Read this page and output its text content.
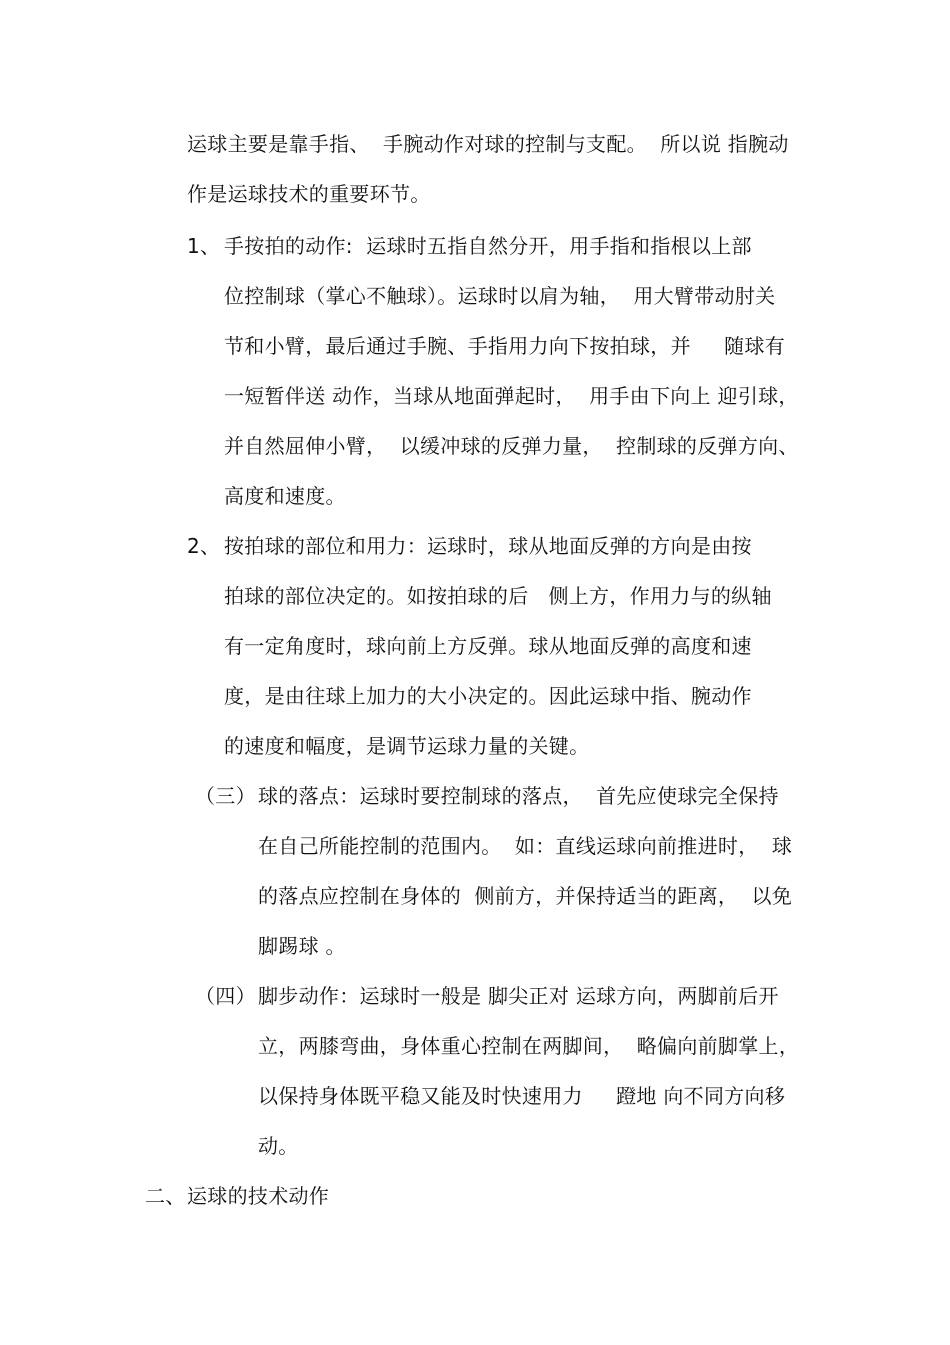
运球主要是靠手指、  手腕动作对球的控制与支配。  所以说 指腕动
作是运球技术的重要环节。
1、 手按拍的动作:  运球时五指自然分开，用手指和指根以上部
位控制球（掌心不触球）。运球时以肩为轴，  用大臂带动肘关
节和小臂，最后通过手腕、手指用力向下按拍球，并     随球有
一短暂伴送 动作，当球从地面弹起时，  用手由下向上 迎引球，
并自然屈伸小臂，  以缓冲球的反弹力量，  控制球的反弹方向、
高度和速度。
2、 按拍球的部位和用力：运球时，球从地面反弹的方向是由按
拍球的部位决定的。如按拍球的后   侧上方，作用力与的纵轴
有一定角度时，球向前上方反弹。球从地面反弹的高度和速
度，是由往球上加力的大小决定的。因此运球中指、腕动作
的速度和幅度，是调节运球力量的关键。
（三） 球的落点：运球时要控制球的落点，  首先应使球完全保持
在自己所能控制的范围内。  如：直线运球向前推进时，  球
的落点应控制在身体的  侧前方，并保持适当的距离，  以免
脚踢球 。
（四） 脚步动作：运球时一般是 脚尖正对 运球方向，两脚前后开
立，两膝弯曲，身体重心控制在两脚间，  略偏向前脚掌上，
以保持身体既平稳又能及时快速用力     蹬地 向不同方向移
动。
二、 运球的技术动作
